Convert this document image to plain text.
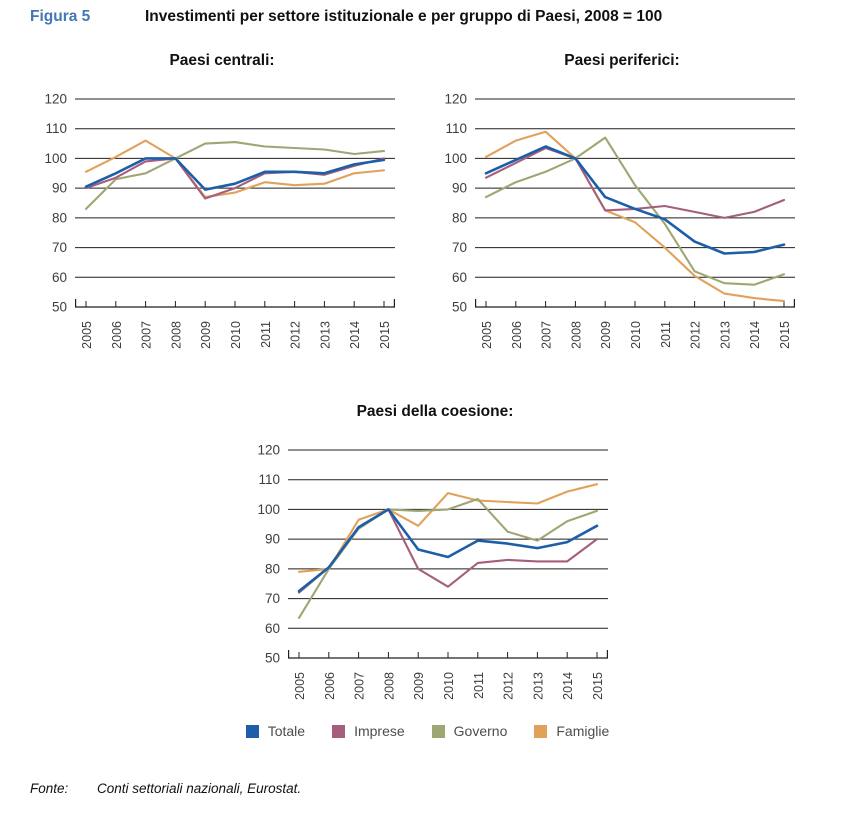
Figura 5	Investimenti per settore istituzionale e per gruppo di Paesi, 2008 = 100
Paesi centrali:
50
60
70
80
90
100
110
120
2005 2006 2007 2008 2009 2010 2011 2012 2013 2014 2015
Paesi periferici:
50
60
70
80
90
100
110
120
2005 2006 2007 2008 2009 2010 2011 2012 2013 2014 2015
Paesi della coesione:
50
60
70
80
90
100
110
120
2005 2006 2007 2008 2009 2010 2011 2012 2013 2014 2015
Totale	Imprese	Governo	Famiglie
Fonte:	Conti settoriali nazionali, Eurostat.
